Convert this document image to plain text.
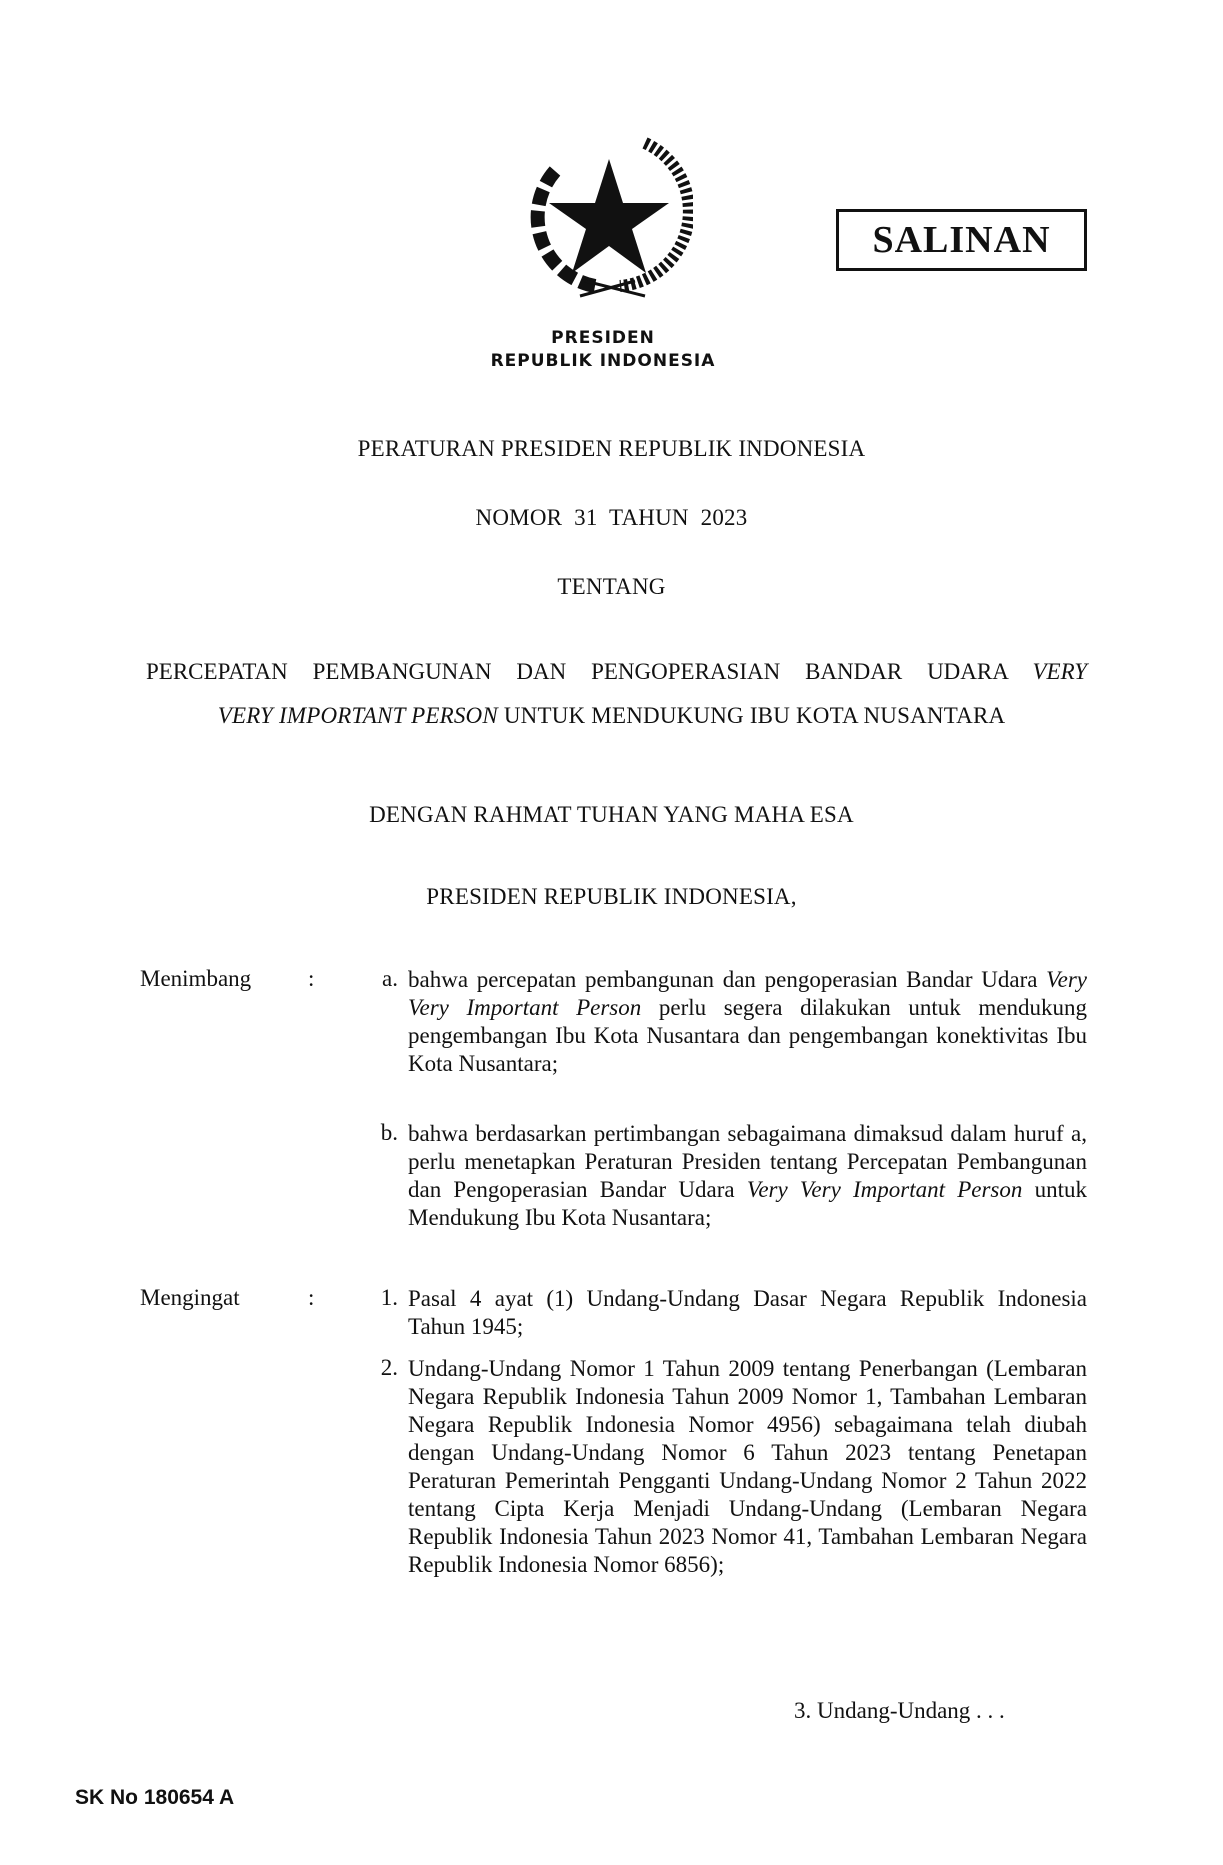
SALINAN
PRESIDEN
REPUBLIK INDONESIA
PERATURAN PRESIDEN REPUBLIK INDONESIA
NOMOR 31 TAHUN 2023
TENTANG
PERCEPATAN PEMBANGUNAN DAN PENGOPERASIAN BANDAR UDARA VERY
VERY IMPORTANT PERSON UNTUK MENDUKUNG IBU KOTA NUSANTARA
DENGAN RAHMAT TUHAN YANG MAHA ESA
PRESIDEN REPUBLIK INDONESIA,
Menimbang :	a. bahwa percepatan pembangunan dan pengoperasian Bandar Udara Very Very Important Person perlu segera dilakukan untuk mendukung pengembangan Ibu Kota Nusantara dan pengembangan konektivitas Ibu Kota Nusantara;
b. bahwa berdasarkan pertimbangan sebagaimana dimaksud dalam huruf a, perlu menetapkan Peraturan Presiden tentang Percepatan Pembangunan dan Pengoperasian Bandar Udara Very Very Important Person untuk Mendukung Ibu Kota Nusantara;
Mengingat	:	1. Pasal 4 ayat (1) Undang-Undang Dasar Negara Republik Indonesia Tahun 1945;
2. Undang-Undang Nomor 1 Tahun 2009 tentang Penerbangan (Lembaran Negara Republik Indonesia Tahun 2009 Nomor 1, Tambahan Lembaran Negara Republik Indonesia Nomor 4956) sebagaimana telah diubah dengan Undang-Undang Nomor 6 Tahun 2023 tentang Penetapan Peraturan Pemerintah Pengganti Undang-Undang Nomor 2 Tahun 2022 tentang Cipta Kerja Menjadi Undang-Undang (Lembaran Negara Republik Indonesia Tahun 2023 Nomor 41, Tambahan Lembaran Negara Republik Indonesia Nomor 6856);
3. Undang-Undang . . .
SK No 180654 A
